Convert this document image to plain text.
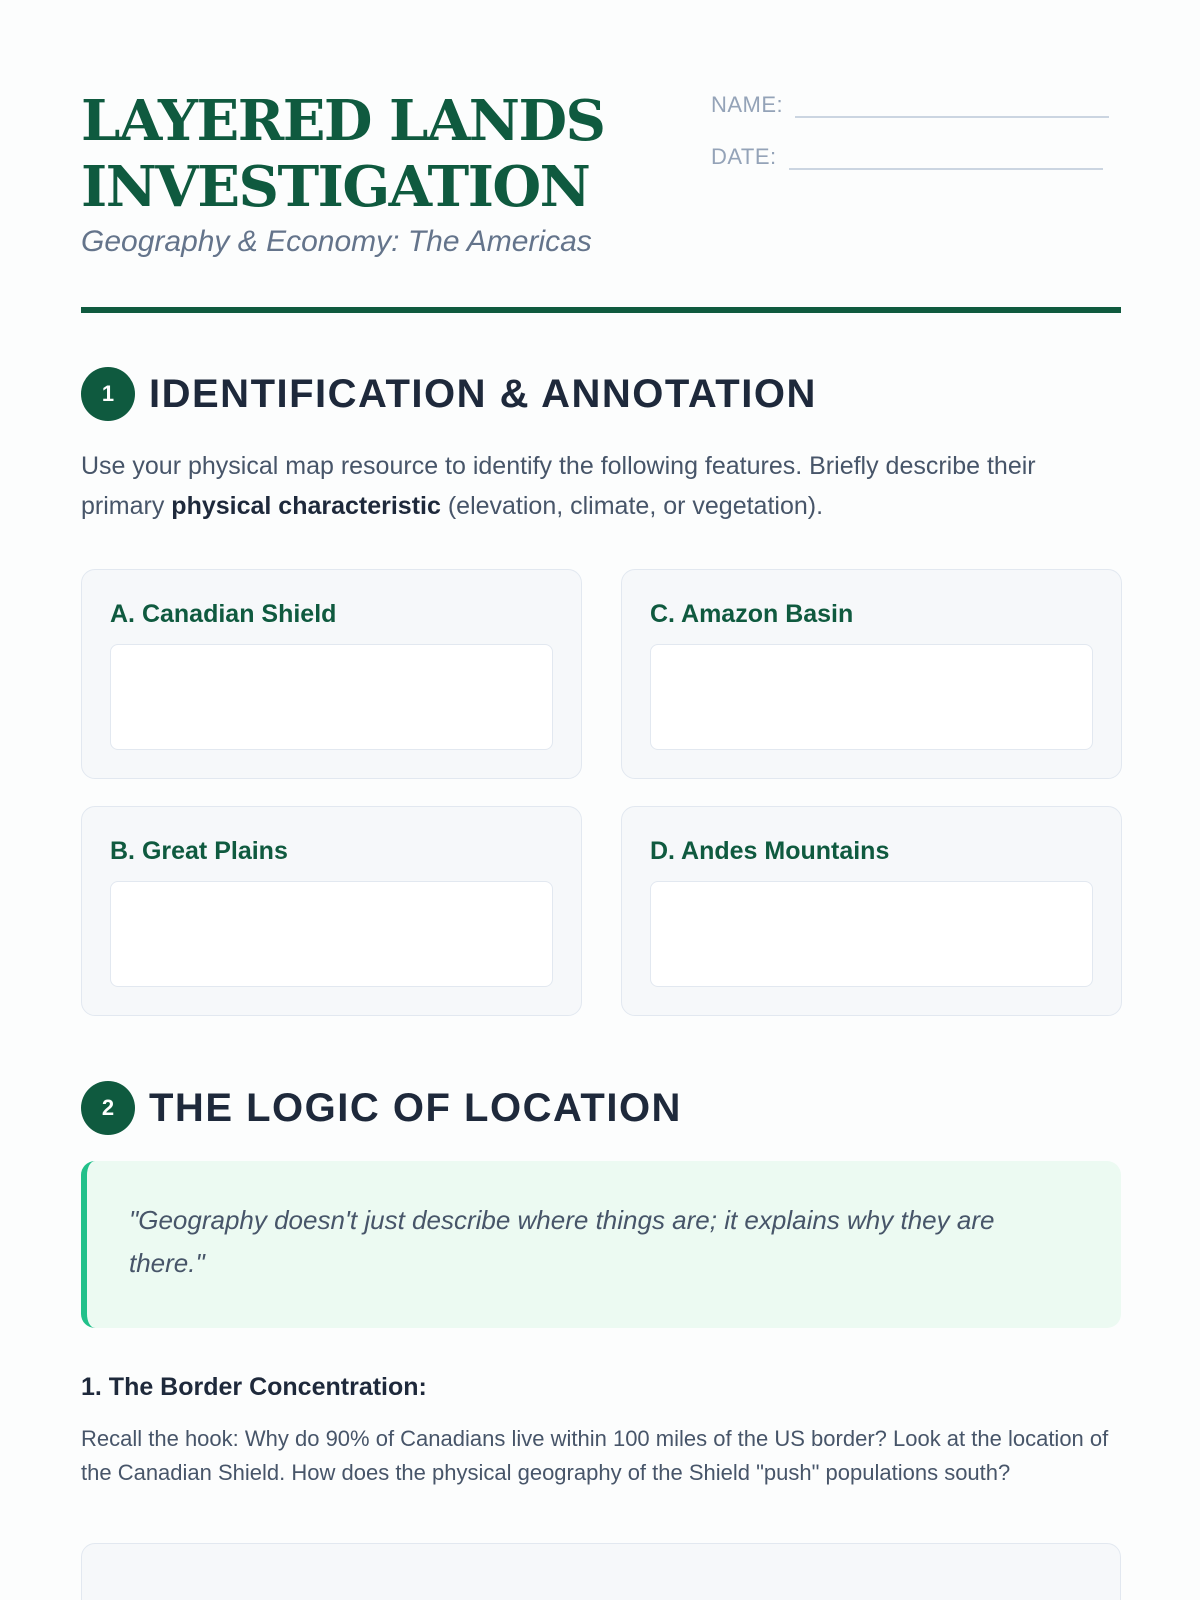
LAYERED LANDS
INVESTIGATION
Geography & Economy: The Americas
NAME:
DATE:
1 IDENTIFICATION & ANNOTATION
Use your physical map resource to identify the following features. Briefly describe their primary physical characteristic (elevation, climate, or vegetation).
A. Canadian Shield	C. Amazon Basin
B. Great Plains	D. Andes Mountains
2 THE LOGIC OF LOCATION

"Geography doesn't just describe where things are; it explains why they are there."

1. The Border Concentration:
Recall the hook: Why do 90% of Canadians live within 100 miles of the US border? Look at the location of the Canadian Shield. How does the physical geography of the Shield "push" populations south?
